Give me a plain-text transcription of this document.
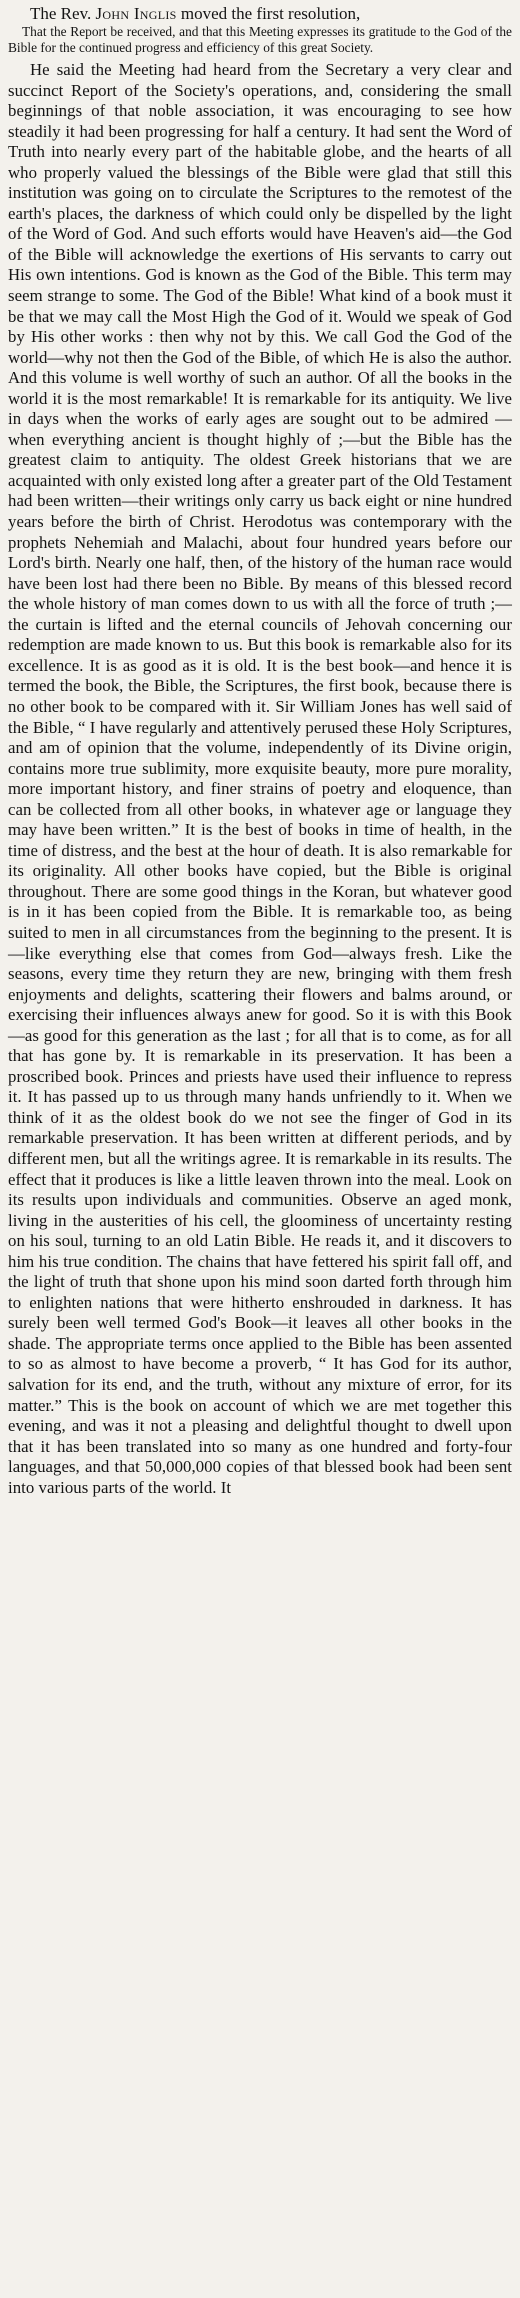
The Rev. John Inglis moved the first resolution,

That the Report be received, and that this Meeting expresses its gratitude to the God of the Bible for the continued progress and efficiency of this great Society.

He said the Meeting had heard from the Secretary a very clear and succinct Report of the Society's operations, and, considering the small beginnings of that noble association, it was encouraging to see how steadily it had been progressing for half a century. It had sent the Word of Truth into nearly every part of the habitable globe, and the hearts of all who properly valued the blessings of the Bible were glad that still this institution was going on to circulate the Scriptures to the remotest of the earth's places, the darkness of which could only be dispelled by the light of the Word of God. And such efforts would have Heaven's aid—the God of the Bible will acknowledge the exertions of His servants to carry out His own intentions. God is known as the God of the Bible. This term may seem strange to some. The God of the Bible! What kind of a book must it be that we may call the Most High the God of it. Would we speak of God by His other works : then why not by this. We call God the God of the world—why not then the God of the Bible, of which He is also the author. And this volume is well worthy of such an author. Of all the books in the world it is the most remarkable! It is remarkable for its antiquity. We live in days when the works of early ages are sought out to be admired —when everything ancient is thought highly of ;—but the Bible has the greatest claim to antiquity. The oldest Greek historians that we are acquainted with only existed long after a greater part of the Old Testament had been written—their writings only carry us back eight or nine hundred years before the birth of Christ. Herodotus was contemporary with the prophets Nehemiah and Malachi, about four hundred years before our Lord's birth. Nearly one half, then, of the history of the human race would have been lost had there been no Bible. By means of this blessed record the whole history of man comes down to us with all the force of truth ;—the curtain is lifted and the eternal councils of Jehovah concerning our redemption are made known to us. But this book is remarkable also for its excellence. It is as good as it is old. It is the best book—and hence it is termed the book, the Bible, the Scriptures, the first book, because there is no other book to be compared with it. Sir William Jones has well said of the Bible, “ I have regularly and attentively perused these Holy Scriptures, and am of opinion that the volume, independently of its Divine origin, contains more true sublimity, more exquisite beauty, more pure morality, more important history, and finer strains of poetry and eloquence, than can be collected from all other books, in whatever age or language they may have been written.” It is the best of books in time of health, in the time of distress, and the best at the hour of death. It is also remarkable for its originality. All other books have copied, but the Bible is original throughout. There are some good things in the Koran, but whatever good is in it has been copied from the Bible. It is remarkable too, as being suited to men in all circumstances from the beginning to the present. It is—like everything else that comes from God—always fresh. Like the seasons, every time they return they are new, bringing with them fresh enjoyments and delights, scattering their flowers and balms around, or exercising their influences always anew for good. So it is with this Book—as good for this generation as the last ; for all that is to come, as for all that has gone by. It is remarkable in its preservation. It has been a proscribed book. Princes and priests have used their influence to repress it. It has passed up to us through many hands unfriendly to it. When we think of it as the oldest book do we not see the finger of God in its remarkable preservation. It has been written at different periods, and by different men, but all the writings agree. It is remarkable in its results. The effect that it produces is like a little leaven thrown into the meal. Look on its results upon individuals and communities. Observe an aged monk, living in the austerities of his cell, the gloominess of uncertainty resting on his soul, turning to an old Latin Bible. He reads it, and it discovers to him his true condition. The chains that have fettered his spirit fall off, and the light of truth that shone upon his mind soon darted forth through him to enlighten nations that were hitherto enshrouded in darkness. It has surely been well termed God's Book—it leaves all other books in the shade. The appropriate terms once applied to the Bible has been assented to so as almost to have become a proverb, “ It has God for its author, salvation for its end, and the truth, without any mixture of error, for its matter.” This is the book on account of which we are met together this evening, and was it not a pleasing and delightful thought to dwell upon that it has been translated into so many as one hundred and forty-four languages, and that 50,000,000 copies of that blessed book had been sent into various parts of the world. It
